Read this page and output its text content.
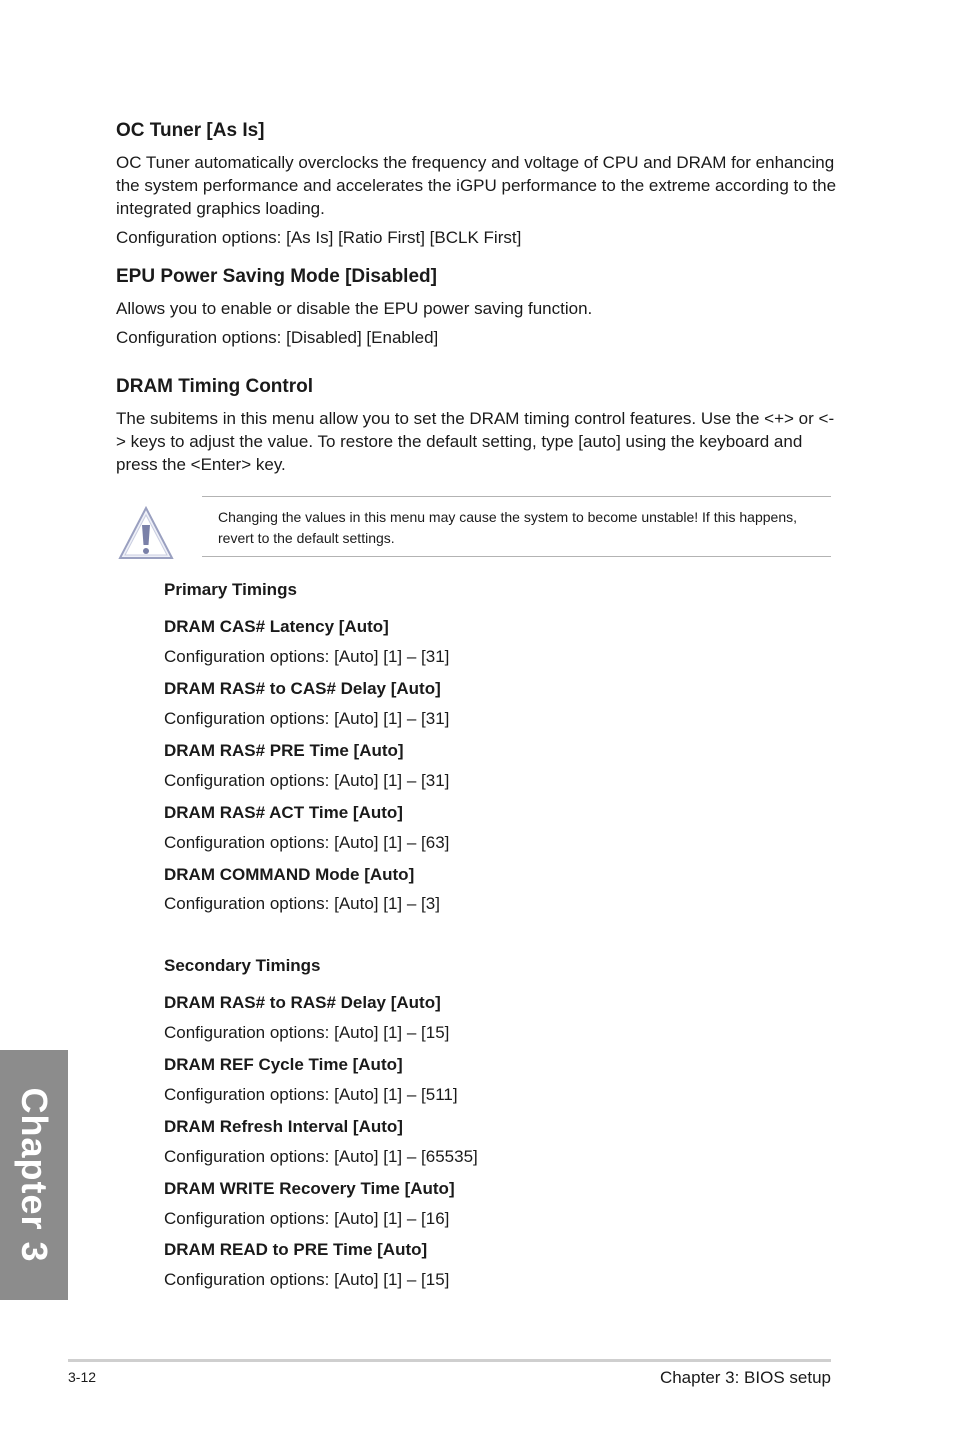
OC Tuner [As Is]

OC Tuner automatically overclocks the frequency and voltage of CPU and DRAM for enhancing the system performance and accelerates the iGPU performance to the extreme according to the integrated graphics loading.

Configuration options: [As Is] [Ratio First] [BCLK First]
EPU Power Saving Mode [Disabled]

Allows you to enable or disable the EPU power saving function.

Configuration options: [Disabled] [Enabled]
DRAM Timing Control

The subitems in this menu allow you to set the DRAM timing control features. Use the <+> or <-> keys to adjust the value. To restore the default setting, type [auto] using the keyboard and press the <Enter> key.

Changing the values in this menu may cause the system to become unstable! If this happens, revert to the default settings.
Primary Timings
DRAM CAS# Latency [Auto]
Configuration options: [Auto] [1] – [31]
DRAM RAS# to CAS# Delay [Auto]
Configuration options: [Auto] [1] – [31]
DRAM RAS# PRE Time [Auto]
Configuration options: [Auto] [1] – [31]
DRAM RAS# ACT Time [Auto]
Configuration options: [Auto] [1] – [63]
DRAM COMMAND Mode [Auto]
Configuration options: [Auto] [1] – [3]
Secondary Timings
DRAM RAS# to RAS# Delay [Auto]
Configuration options: [Auto] [1] – [15]
DRAM REF Cycle Time [Auto]
Configuration options: [Auto] [1] – [511]
DRAM Refresh Interval [Auto]
Configuration options: [Auto] [1] – [65535]
DRAM WRITE Recovery Time [Auto]
Configuration options: [Auto] [1] – [16]
DRAM READ to PRE Time [Auto]
Configuration options: [Auto] [1] – [15]
Chapter 3
3-12	Chapter 3: BIOS setup
